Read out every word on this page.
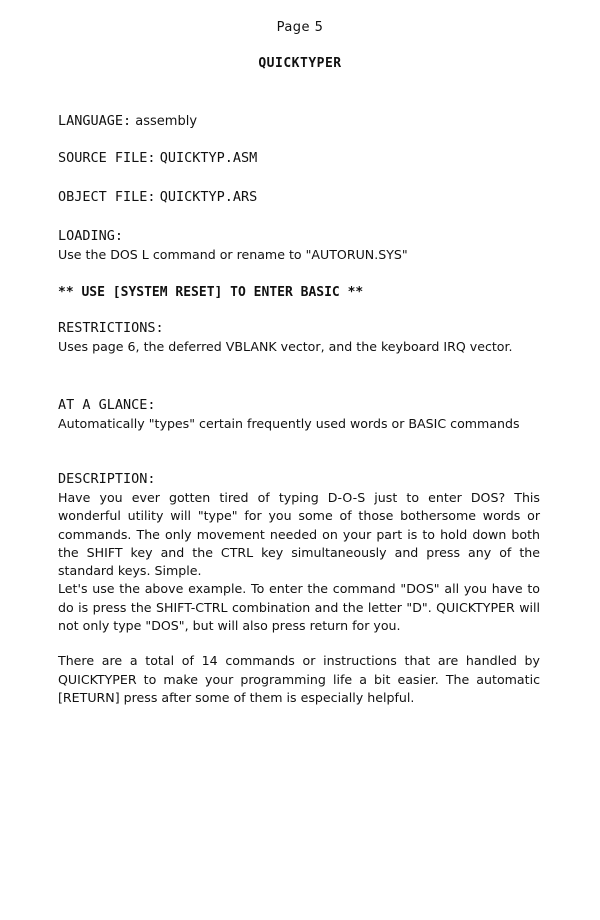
Page 5
QUICKTYPER
LANGUAGE: assembly
SOURCE FILE: QUICKTYP.ASM
OBJECT FILE: QUICKTYP.ARS
LOADING:
Use the DOS L command or rename to "AUTORUN.SYS"
** USE [SYSTEM RESET] TO ENTER BASIC **
RESTRICTIONS:
Uses page 6, the deferred VBLANK vector, and the keyboard IRQ vector.
AT A GLANCE:
Automatically "types" certain frequently used words or BASIC commands
DESCRIPTION:
Have you ever gotten tired of typing D-O-S just to enter DOS? This wonderful utility will "type" for you some of those bothersome words or commands. The only movement needed on your part is to hold down both the SHIFT key and the CTRL key simultaneously and press any of the standard keys. Simple.
Let's use the above example. To enter the command "DOS" all you have to do is press the SHIFT-CTRL combination and the letter "D". QUICKTYPER will not only type "DOS", but will also press return for you.
There are a total of 14 commands or instructions that are handled by QUICKTYPER to make your programming life a bit easier. The automatic [RETURN] press after some of them is especially helpful.
